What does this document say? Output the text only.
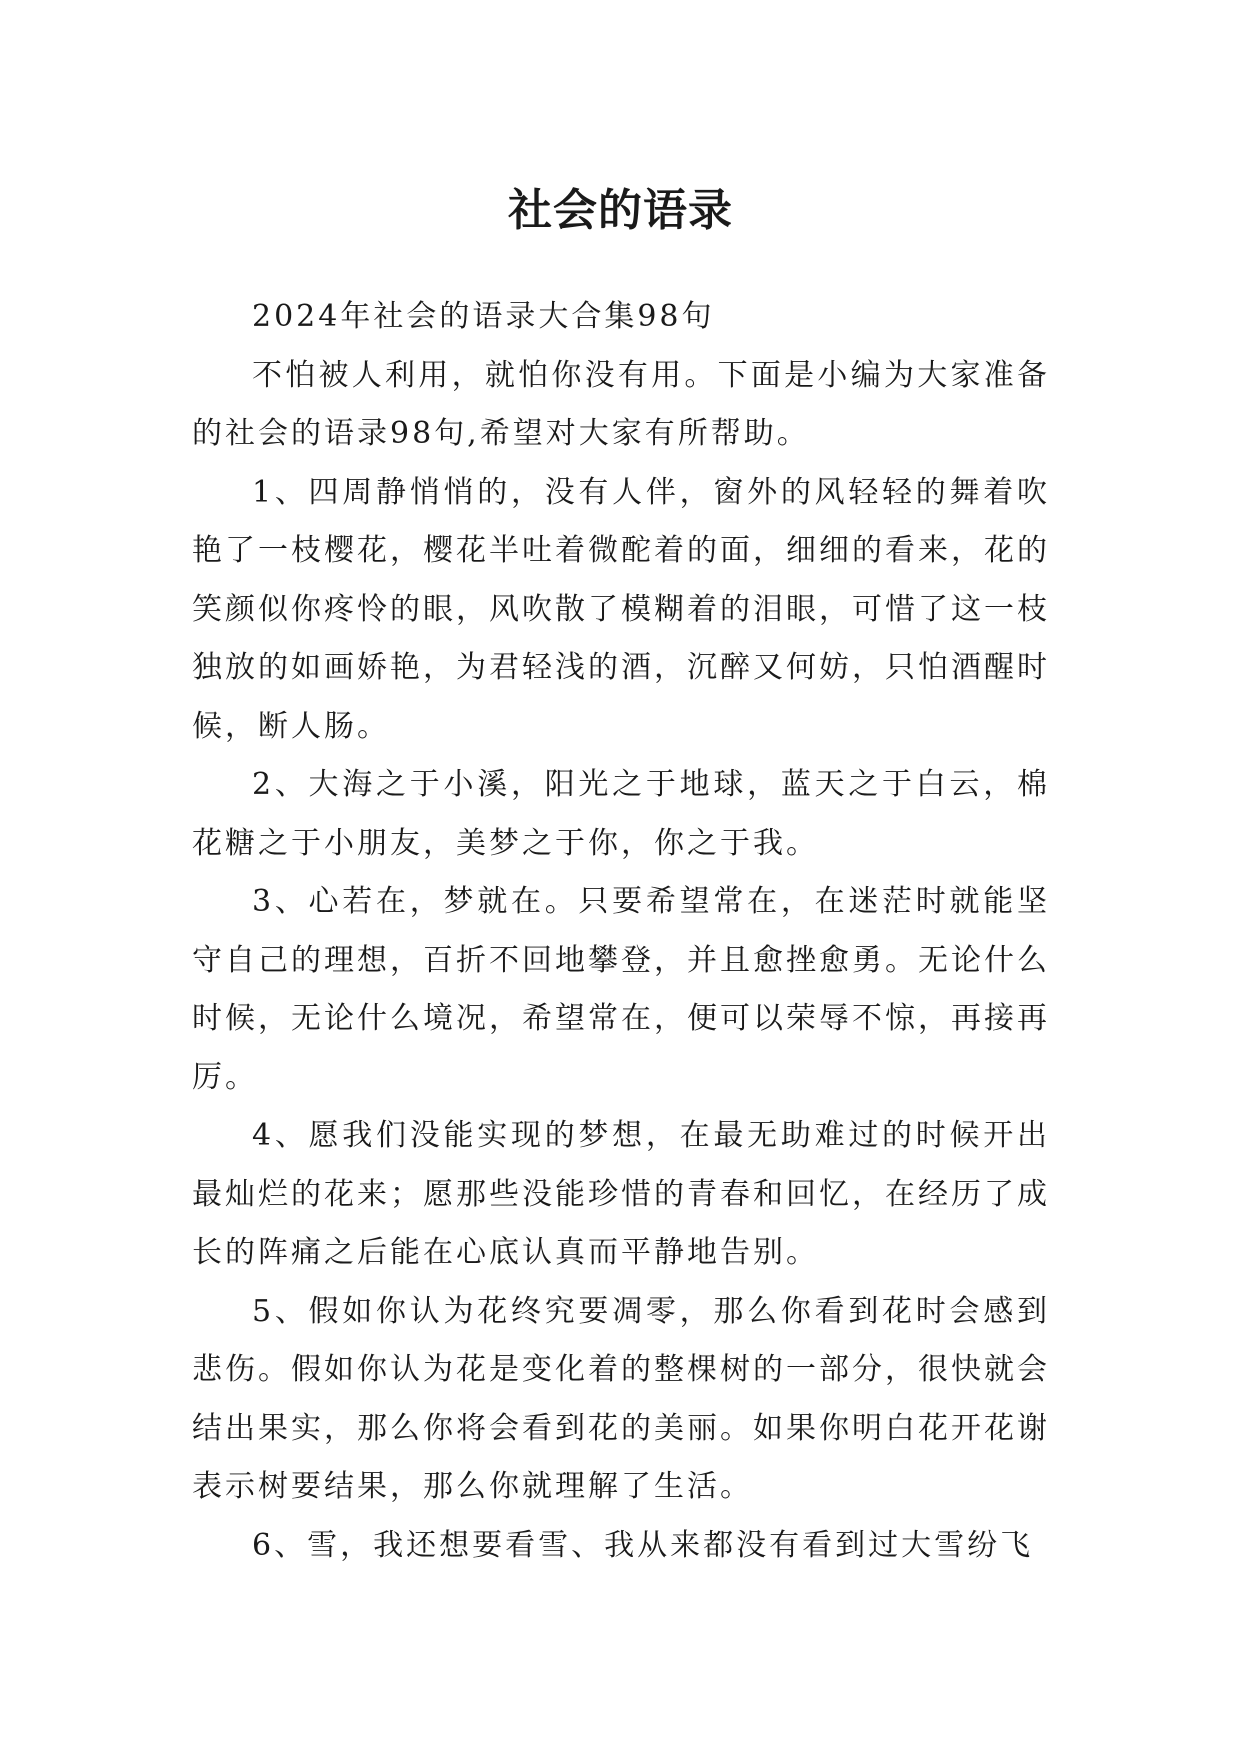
社会的语录

2024年社会的语录大合集98句

不怕被人利用，就怕你没有用。下面是小编为大家准备的社会的语录98句,希望对大家有所帮助。

1、四周静悄悄的，没有人伴，窗外的风轻轻的舞着吹艳了一枝樱花，樱花半吐着微酡着的面，细细的看来，花的笑颜似你疼怜的眼，风吹散了模糊着的泪眼，可惜了这一枝独放的如画娇艳，为君轻浅的酒，沉醉又何妨，只怕酒醒时候，断人肠。

2、大海之于小溪，阳光之于地球，蓝天之于白云，棉花糖之于小朋友，美梦之于你，你之于我。

3、心若在，梦就在。只要希望常在，在迷茫时就能坚守自己的理想，百折不回地攀登，并且愈挫愈勇。无论什么时候，无论什么境况，希望常在，便可以荣辱不惊，再接再厉。

4、愿我们没能实现的梦想，在最无助难过的时候开出最灿烂的花来；愿那些没能珍惜的青春和回忆，在经历了成长的阵痛之后能在心底认真而平静地告别。

5、假如你认为花终究要凋零，那么你看到花时会感到悲伤。假如你认为花是变化着的整棵树的一部分，很快就会结出果实，那么你将会看到花的美丽。如果你明白花开花谢表示树要结果，那么你就理解了生活。

6、雪，我还想要看雪、我从来都没有看到过大雪纷飞
